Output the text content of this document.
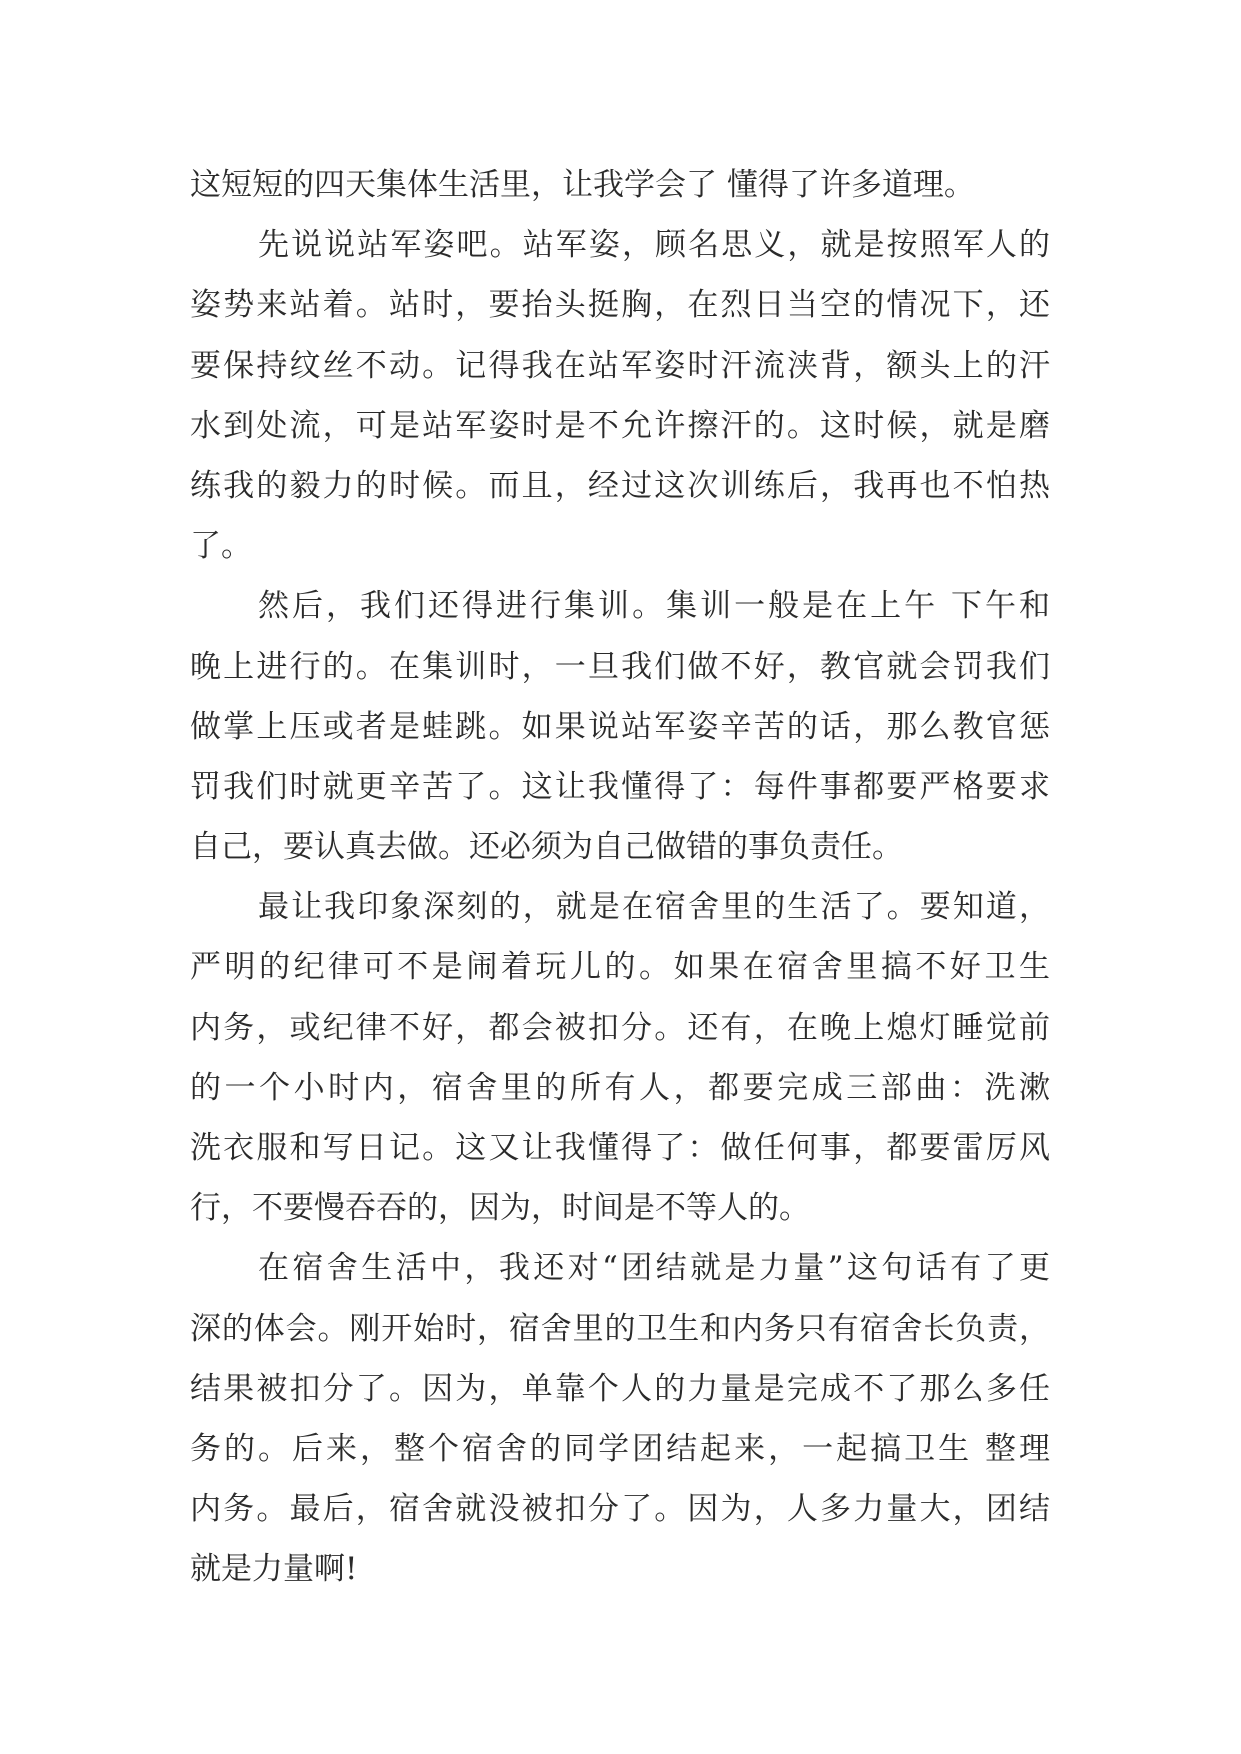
这短短的四天集体生活里，让我学会了 懂得了许多道理。
先说说站军姿吧。站军姿，顾名思义，就是按照军人的
姿势来站着。站时，要抬头挺胸，在烈日当空的情况下，还
要保持纹丝不动。记得我在站军姿时汗流浃背，额头上的汗
水到处流，可是站军姿时是不允许擦汗的。这时候，就是磨
练我的毅力的时候。而且，经过这次训练后，我再也不怕热
了。
然后，我们还得进行集训。集训一般是在上午 下午和
晚上进行的。在集训时，一旦我们做不好，教官就会罚我们
做掌上压或者是蛙跳。如果说站军姿辛苦的话，那么教官惩
罚我们时就更辛苦了。这让我懂得了：每件事都要严格要求
自己，要认真去做。还必须为自己做错的事负责任。
最让我印象深刻的，就是在宿舍里的生活了。要知道，
严明的纪律可不是闹着玩儿的。如果在宿舍里搞不好卫生
内务，或纪律不好，都会被扣分。还有，在晚上熄灯睡觉前
的一个小时内，宿舍里的所有人，都要完成三部曲：洗漱
洗衣服和写日记。这又让我懂得了：做任何事，都要雷厉风
行，不要慢吞吞的，因为，时间是不等人的。
在宿舍生活中，我还对“团结就是力量”这句话有了更
深的体会。刚开始时，宿舍里的卫生和内务只有宿舍长负责，
结果被扣分了。因为，单靠个人的力量是完成不了那么多任
务的。后来，整个宿舍的同学团结起来，一起搞卫生 整理
内务。最后，宿舍就没被扣分了。因为，人多力量大，团结
就是力量啊!
